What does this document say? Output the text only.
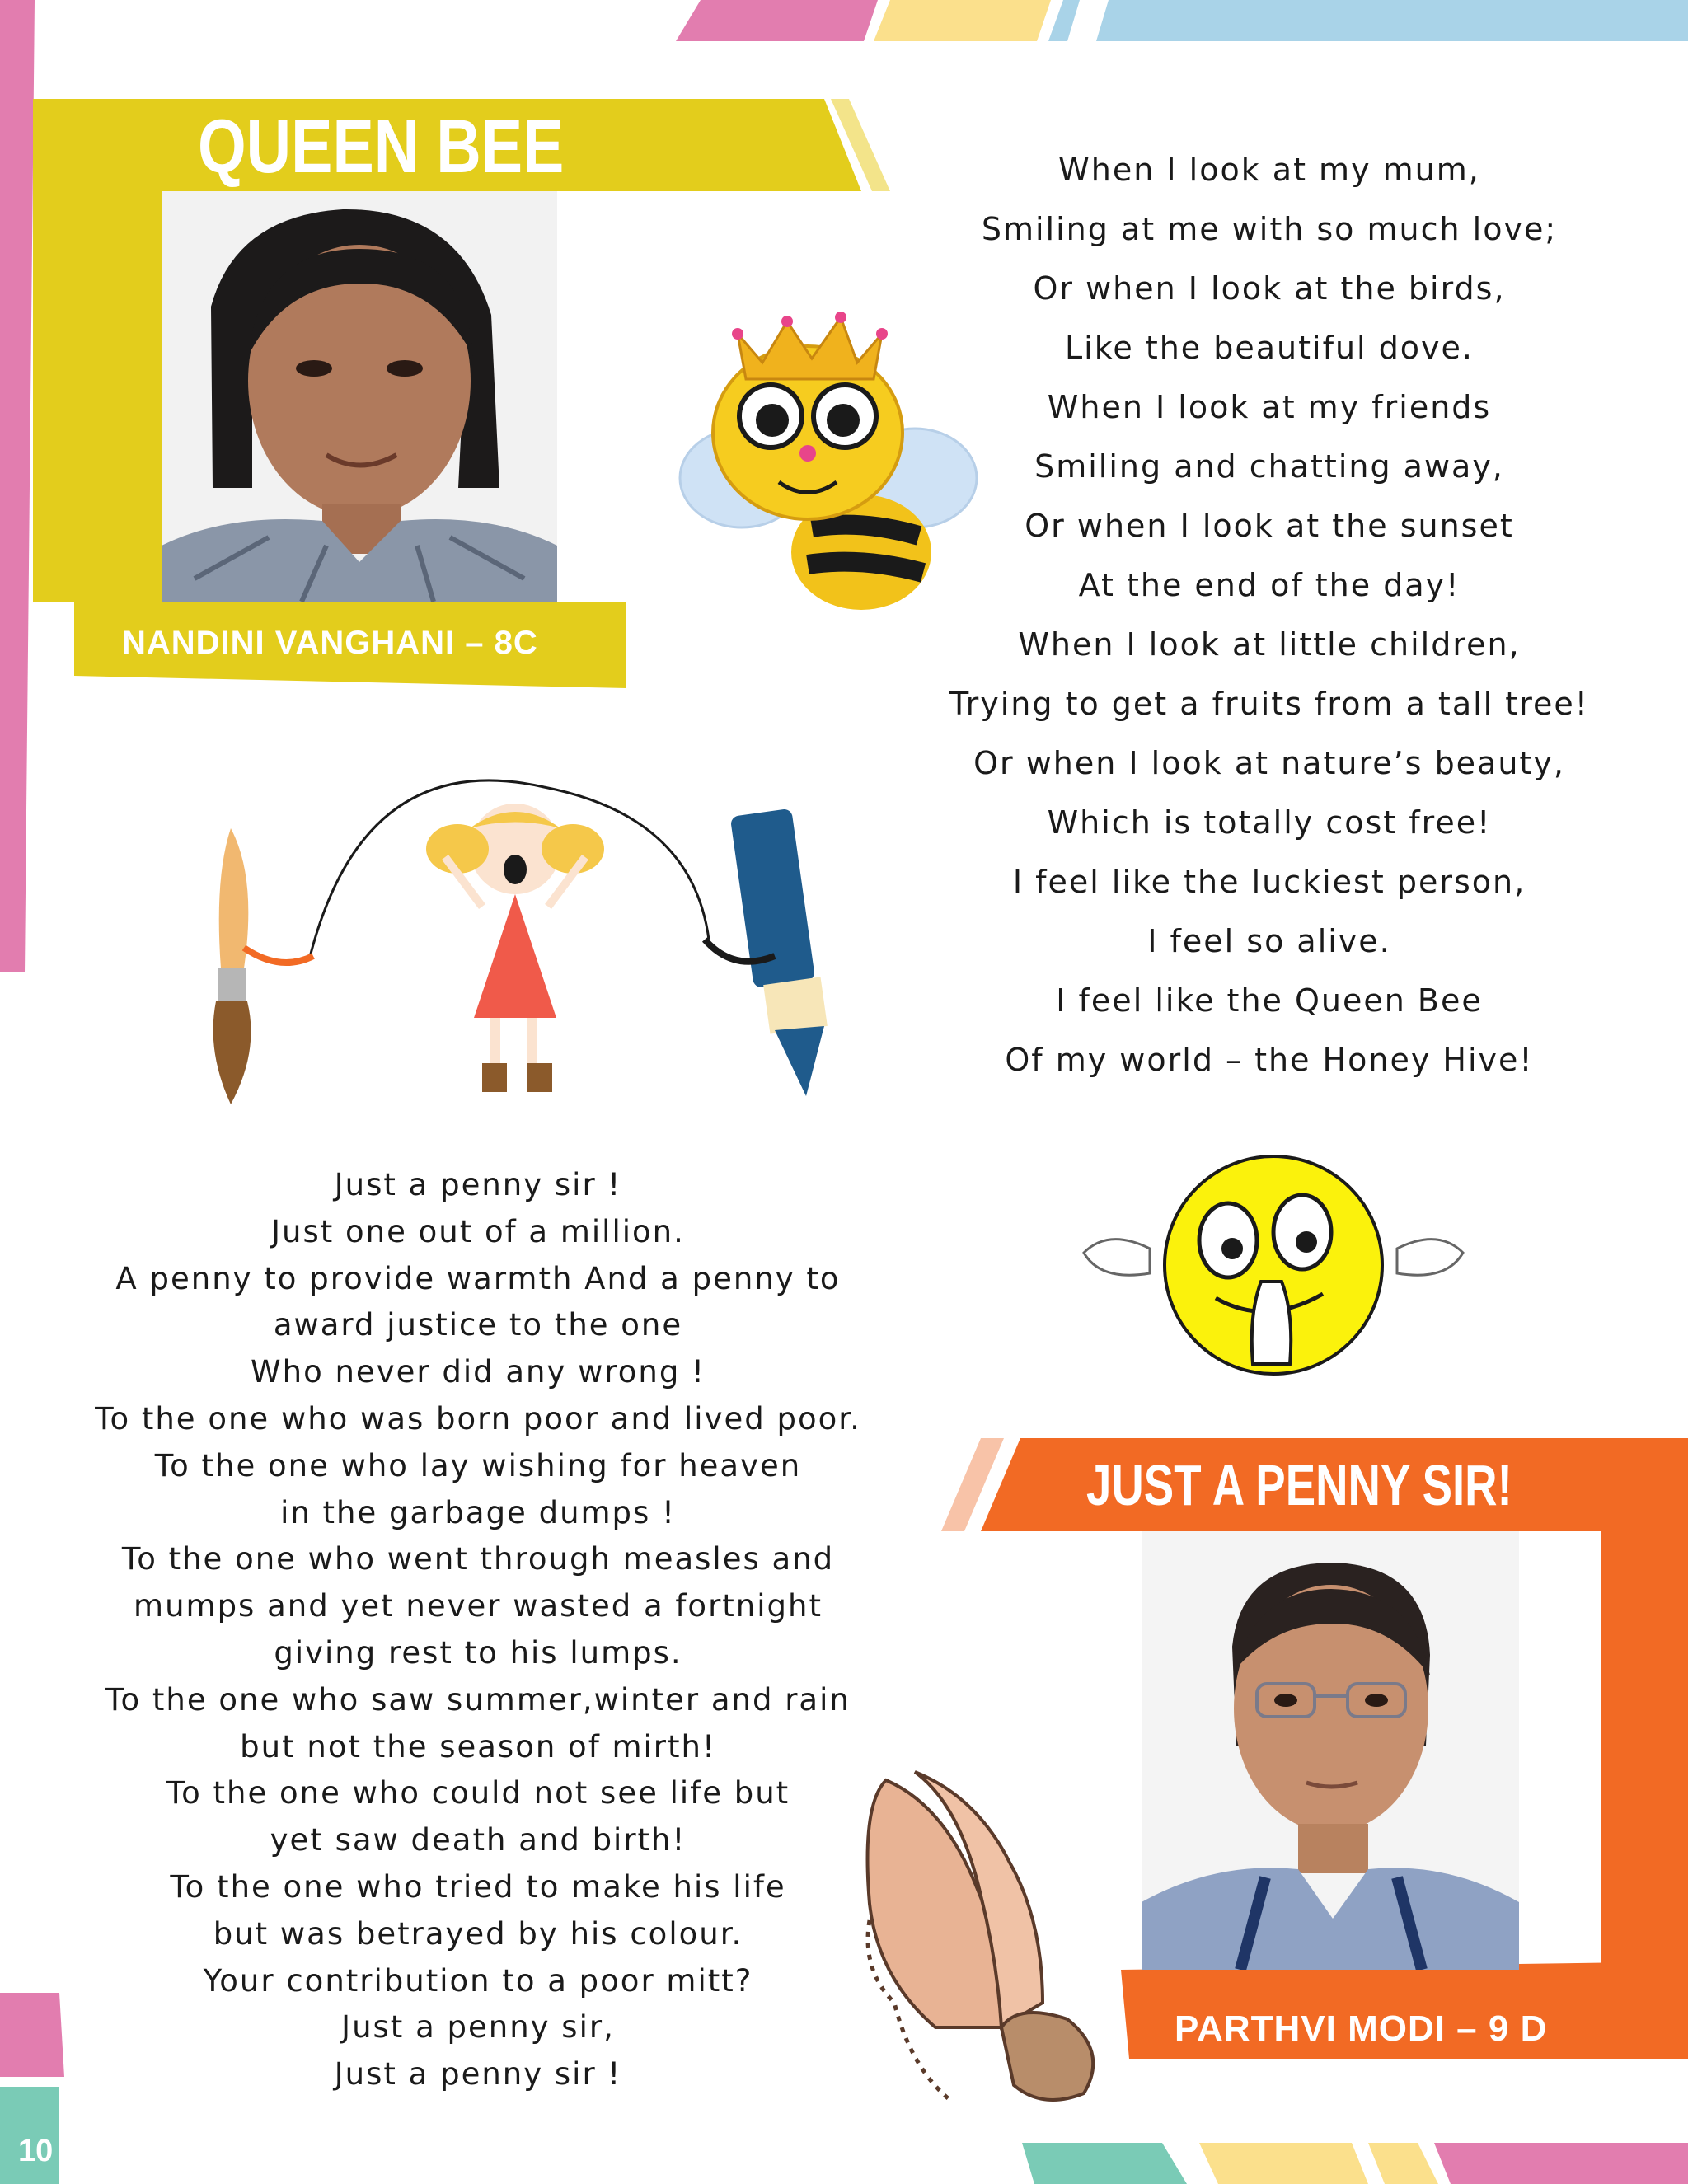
QUEEN BEE
NANDINI VANGHANI – 8C
When I look at my mum,
Smiling at me with so much love;
Or when I look at the birds,
Like the beautiful dove.
When I look at my friends
Smiling and chatting away,
Or when I look at the sunset
At the end of the day!
When I look at little children,
Trying to get a fruits from a tall tree!
Or when I look at nature’s beauty,
Which is totally cost free!
I feel like the luckiest person,
I feel so alive.
I feel like the Queen Bee
Of my world – the Honey Hive!
JUST A PENNY SIR!
PARTHVI MODI – 9 D
Just a penny sir !
Just one out of a million.
A penny to provide warmth And a penny to
award justice to the one
Who never did any wrong !
To the one who was born poor and lived poor.
To the one who lay wishing for heaven
in the garbage dumps !
To the one who went through measles and
mumps and yet never wasted a fortnight
giving rest to his lumps.
To the one who saw summer,winter and rain
but not the season of mirth!
To the one who could not see life but
yet saw death and birth!
To the one who tried to make his life
but was betrayed by his colour.
Your contribution to a poor mitt?
Just a penny sir,
Just a penny sir !
10
